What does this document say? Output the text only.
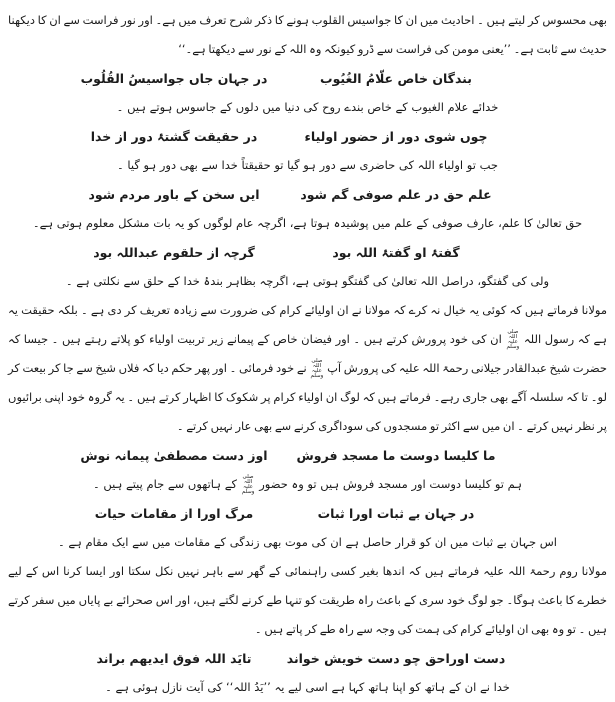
بھی محسوس کر لیتے ہیں ۔ احادیث میں ان کا جواسیس القلوب ہونے کا ذکر شرح تعرف میں ہے۔ اور نور فراست سے ان کا دیکھنا حدیث سے ثابت ہے۔ ’’یعنی مومن کی فراست سے ڈرو کیونکہ وہ اللہ کے نور سے دیکھتا ہے۔‘‘
بندگان خاص علّامُ الغُیُوب
در جہان جاں جواسیسُ القُلُوب
خدائے علام الغیوب کے خاص بندے روح کی دنیا میں دلوں کے جاسوس ہوتے ہیں ۔
چوں شوی دور از حضور اولیاء
در حقیقت گشتۂ دور از خدا
جب تو اولیاء اللہ کی حاضری سے دور ہو گیا تو حقیقتاً خدا سے بھی دور ہو گیا ۔
علم حق در علم صوفی گم شود
ایں سخن کے باور مردم شود
حق تعالیٰ کا علم، عارف صوفی کے علم میں پوشیدہ ہوتا ہے، اگرچہ عام لوگوں کو یہ بات مشکل معلوم ہوتی ہے۔
گفتۂ او گفتۂ اللہ بود
گرچہ از حلقوم عبداللہ بود
ولی کی گفتگو، دراصل اللہ تعالیٰ کی گفتگو ہوتی ہے، اگرچہ بظاہر بندۂ خدا کے حلق سے نکلتی ہے ۔
مولانا فرماتے ہیں کہ کوئی یہ خیال نہ کرے کہ مولانا نے ان اولیائے کرام کی ضرورت سے زیادہ تعریف کر دی ہے ۔ بلکہ حقیقت یہ ہے کہ رسول اللہ صلی اللہ علیہ وسلم ان کی خود پرورش کرتے ہیں ۔ اور فیضان خاص کے پیمانے زیر تربیت اولیاء کو پلاتے رہتے ہیں ۔ جیسا کہ حضرت شیخ عبدالقادر جیلانی رحمۃ اللہ علیہ کی پرورش آپ صلی اللہ علیہ وسلم نے خود فرمائی ۔ اور پھر حکم دیا کہ فلاں شیخ سے جا کر بیعت کر لو۔ تا کہ سلسلہ آگے بھی جاری رہے۔ فرماتے ہیں کہ لوگ ان اولیاء کرام پر شکوک کا اظہار کرتے ہیں ۔ یہ گروہ خود اپنی برائیوں پر نظر نہیں کرتے ۔ ان میں سے اکثر تو مسجدوں کی سوداگری کرنے سے بھی عار نہیں کرتے ۔
ما کلیسا دوست ما مسجد فروش
اوز دست مصطفیٰ پیمانہ نوش
ہم تو کلیسا دوست اور مسجد فروش ہیں تو وہ حضور صلی اللہ علیہ وسلم کے ہاتھوں سے جام پیتے ہیں ۔
در جہان بے ثبات اورا ثبات
مرگ اورا از مقامات حیات
اس جہان بے ثبات میں ان کو قرار حاصل ہے ان کی موت بھی زندگی کے مقامات میں سے ایک مقام ہے ۔
مولانا روم رحمۃ اللہ علیہ فرماتے ہیں کہ اندھا بغیر کسی راہنمائی کے گھر سے باہر نہیں نکل سکتا اور ایسا کرنا اس کے لیے خطرے کا باعث ہوگا۔ جو لوگ خود سری کے باعث راہ طریقت کو تنہا طے کرنے لگتے ہیں، اور اس صحرائے بے پایاں میں سفر کرتے ہیں ۔ تو وہ بھی ان اولیائے کرام کی ہمت کی وجہ سے راہ طے کر پاتے ہیں ۔
دست اوراحق چو دست خویش خواند
تایَد اللہ فوق ایدیھم براند
خدا نے ان کے ہاتھ کو اپنا ہاتھ کہا ہے اسی لیے یہ ’’یَدُ اللہ‘‘ کی آیت نازل ہوئی ہے ۔
